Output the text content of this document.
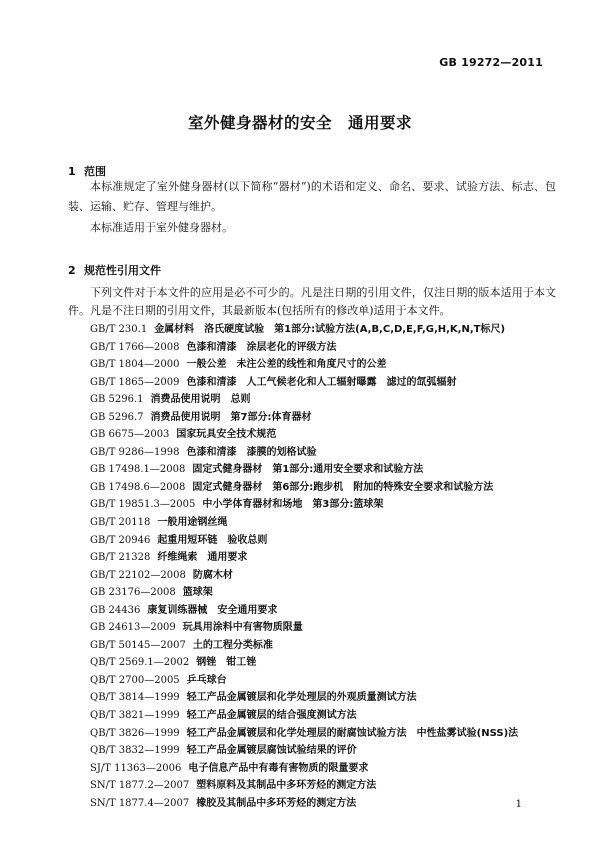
GB 19272—2011
室外健身器材的安全　通用要求
1 范围

本标准规定了室外健身器材(以下简称“器材”)的术语和定义、命名、要求、试验方法、标志、包装、运输、贮存、管理与维护。

本标准适用于室外健身器材。

2 规范性引用文件

下列文件对于本文件的应用是必不可少的。凡是注日期的引用文件，仅注日期的版本适用于本文件。凡是不注日期的引用文件，其最新版本(包括所有的修改单)适用于本文件。

GB/T 230.1 金属材料　洛氏硬度试验　第1部分:试验方法(A,B,C,D,E,F,G,H,K,N,T标尺)
GB/T 1766—2008 色漆和清漆　涂层老化的评级方法
GB/T 1804—2000 一般公差　未注公差的线性和角度尺寸的公差
GB/T 1865—2009 色漆和清漆　人工气候老化和人工辐射曝露　滤过的氙弧辐射
GB 5296.1 消费品使用说明　总则
GB 5296.7 消费品使用说明　第7部分:体育器材
GB 6675—2003 国家玩具安全技术规范
GB/T 9286—1998 色漆和清漆　漆膜的划格试验
GB 17498.1—2008 固定式健身器材　第1部分:通用安全要求和试验方法
GB 17498.6—2008 固定式健身器材　第6部分:跑步机　附加的特殊安全要求和试验方法
GB/T 19851.3—2005 中小学体育器材和场地　第3部分:篮球架
GB/T 20118 一般用途钢丝绳
GB/T 20946 起重用短环链　验收总则
GB/T 21328 纤维绳索　通用要求
GB/T 22102—2008 防腐木材
GB 23176—2008 篮球架
GB 24436 康复训练器械　安全通用要求
GB 24613—2009 玩具用涂料中有害物质限量
GB/T 50145—2007 土的工程分类标准
QB/T 2569.1—2002 钢锉　钳工锉
QB/T 2700—2005 乒乓球台
QB/T 3814—1999 轻工产品金属镀层和化学处理层的外观质量测试方法
QB/T 3821—1999 轻工产品金属镀层的结合强度测试方法
QB/T 3826—1999 轻工产品金属镀层和化学处理层的耐腐蚀试验方法　中性盐雾试验(NSS)法
QB/T 3832—1999 轻工产品金属镀层腐蚀试验结果的评价
SJ/T 11363—2006 电子信息产品中有毒有害物质的限量要求
SN/T 1877.2—2007 塑料原料及其制品中多环芳烃的测定方法
SN/T 1877.4—2007 橡胶及其制品中多环芳烃的测定方法	1
